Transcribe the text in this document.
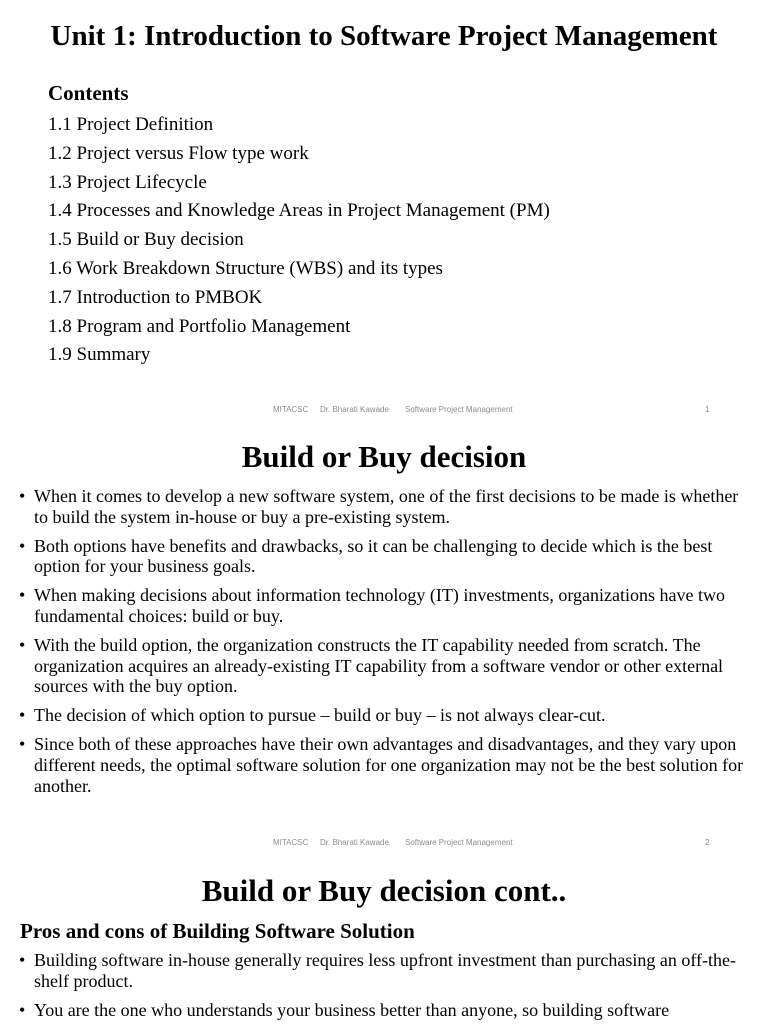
Unit 1: Introduction to Software Project Management
Contents
1.1 Project Definition
1.2 Project versus Flow type work
1.3 Project Lifecycle
1.4 Processes and Knowledge Areas in Project Management (PM)
1.5 Build or Buy decision
1.6 Work Breakdown Structure (WBS) and its types
1.7 Introduction to PMBOK
1.8 Program and Portfolio Management
1.9 Summary
MITACSC Dr. Bharati Kawade Software Project Management	1
Build or Buy decision
• When it comes to develop a new software system, one of the first decisions to be made is whether to build the system in-house or buy a pre-existing system.
• Both options have benefits and drawbacks, so it can be challenging to decide which is the best option for your business goals.
• When making decisions about information technology (IT) investments, organizations have two fundamental choices: build or buy.
• With the build option, the organization constructs the IT capability needed from scratch. The organization acquires an already-existing IT capability from a software vendor or other external sources with the buy option.
• The decision of which option to pursue – build or buy – is not always clear-cut.
• Since both of these approaches have their own advantages and disadvantages, and they vary upon different needs, the optimal software solution for one organization may not be the best solution for another.
MITACSC Dr. Bharati Kawade Software Project Management	2
Build or Buy decision cont..
Pros and cons of Building Software Solution
• Building software in-house generally requires less upfront investment than purchasing an off-the-shelf product.
• You are the one who understands your business better than anyone, so building software
